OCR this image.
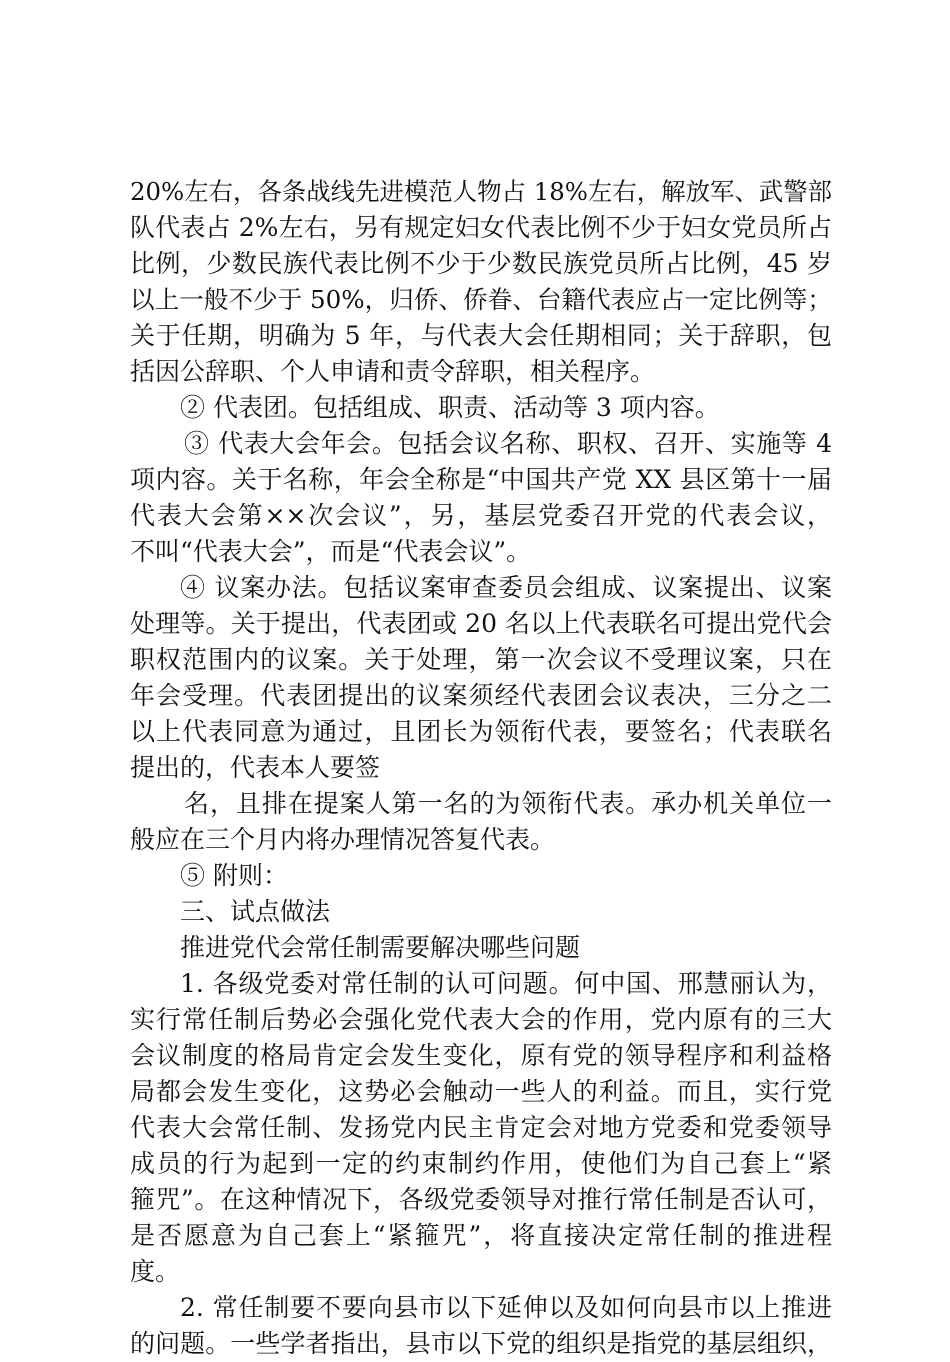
20%左右，各条战线先进模范人物占 18%左右，解放军、武警部
队代表占 2%左右，另有规定妇女代表比例不少于妇女党员所占
比例，少数民族代表比例不少于少数民族党员所占比例，45 岁
以上一般不少于 50%，归侨、侨眷、台籍代表应占一定比例等；
关于任期，明确为 5 年，与代表大会任期相同；关于辞职，包
括因公辞职、个人申请和责令辞职，相关程序。
② 代表团。包括组成、职责、活动等 3 项内容。
③ 代表大会年会。包括会议名称、职权、召开、实施等 4
项内容。关于名称，年会全称是“中国共产党 XX 县区第十一届
代表大会第××次会议”，另，基层党委召开党的代表会议，
不叫“代表大会”，而是“代表会议”。
④ 议案办法。包括议案审查委员会组成、议案提出、议案
处理等。关于提出，代表团或 20 名以上代表联名可提出党代会
职权范围内的议案。关于处理，第一次会议不受理议案，只在
年会受理。代表团提出的议案须经代表团会议表决，三分之二
以上代表同意为通过，且团长为领衔代表，要签名；代表联名
提出的，代表本人要签
名，且排在提案人第一名的为领衔代表。承办机关单位一
般应在三个月内将办理情况答复代表。
⑤ 附则：
三、试点做法
推进党代会常任制需要解决哪些问题
1. 各级党委对常任制的认可问题。何中国、邢慧丽认为，
实行常任制后势必会强化党代表大会的作用，党内原有的三大
会议制度的格局肯定会发生变化，原有党的领导程序和利益格
局都会发生变化，这势必会触动一些人的利益。而且，实行党
代表大会常任制、发扬党内民主肯定会对地方党委和党委领导
成员的行为起到一定的约束制约作用，使他们为自己套上“紧
箍咒”。在这种情况下，各级党委领导对推行常任制是否认可，
是否愿意为自己套上“紧箍咒”，将直接决定常任制的推进程
度。
2. 常任制要不要向县市以下延伸以及如何向县市以上推进
的问题。一些学者指出，县市以下党的组织是指党的基层组织，
